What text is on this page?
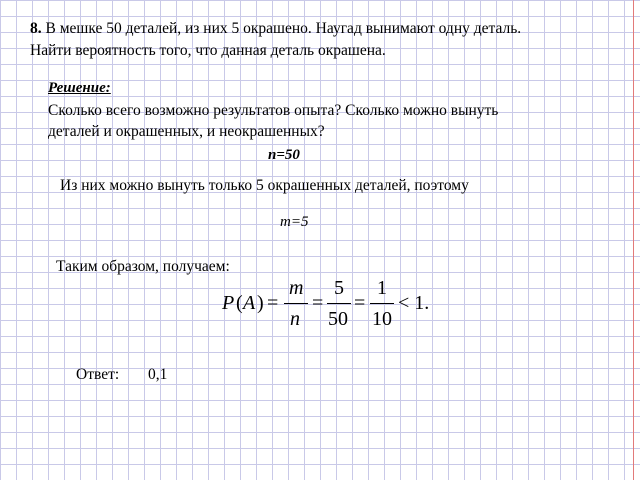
8. В мешке 50 деталей, из них 5 окрашено. Наугад вынимают одну деталь.
Найти вероятность того, что данная деталь окрашена.
Решение:
Сколько всего возможно результатов опыта? Сколько можно вынуть
деталей и окрашенных, и неокрашенных?
n=50
Из них можно вынуть только 5 окрашенных деталей, поэтому
m=5
Таким образом, получаем:
P ( A ) =
m
n
=
5
50
=
1
10
< 1.
Ответ: 0,1
